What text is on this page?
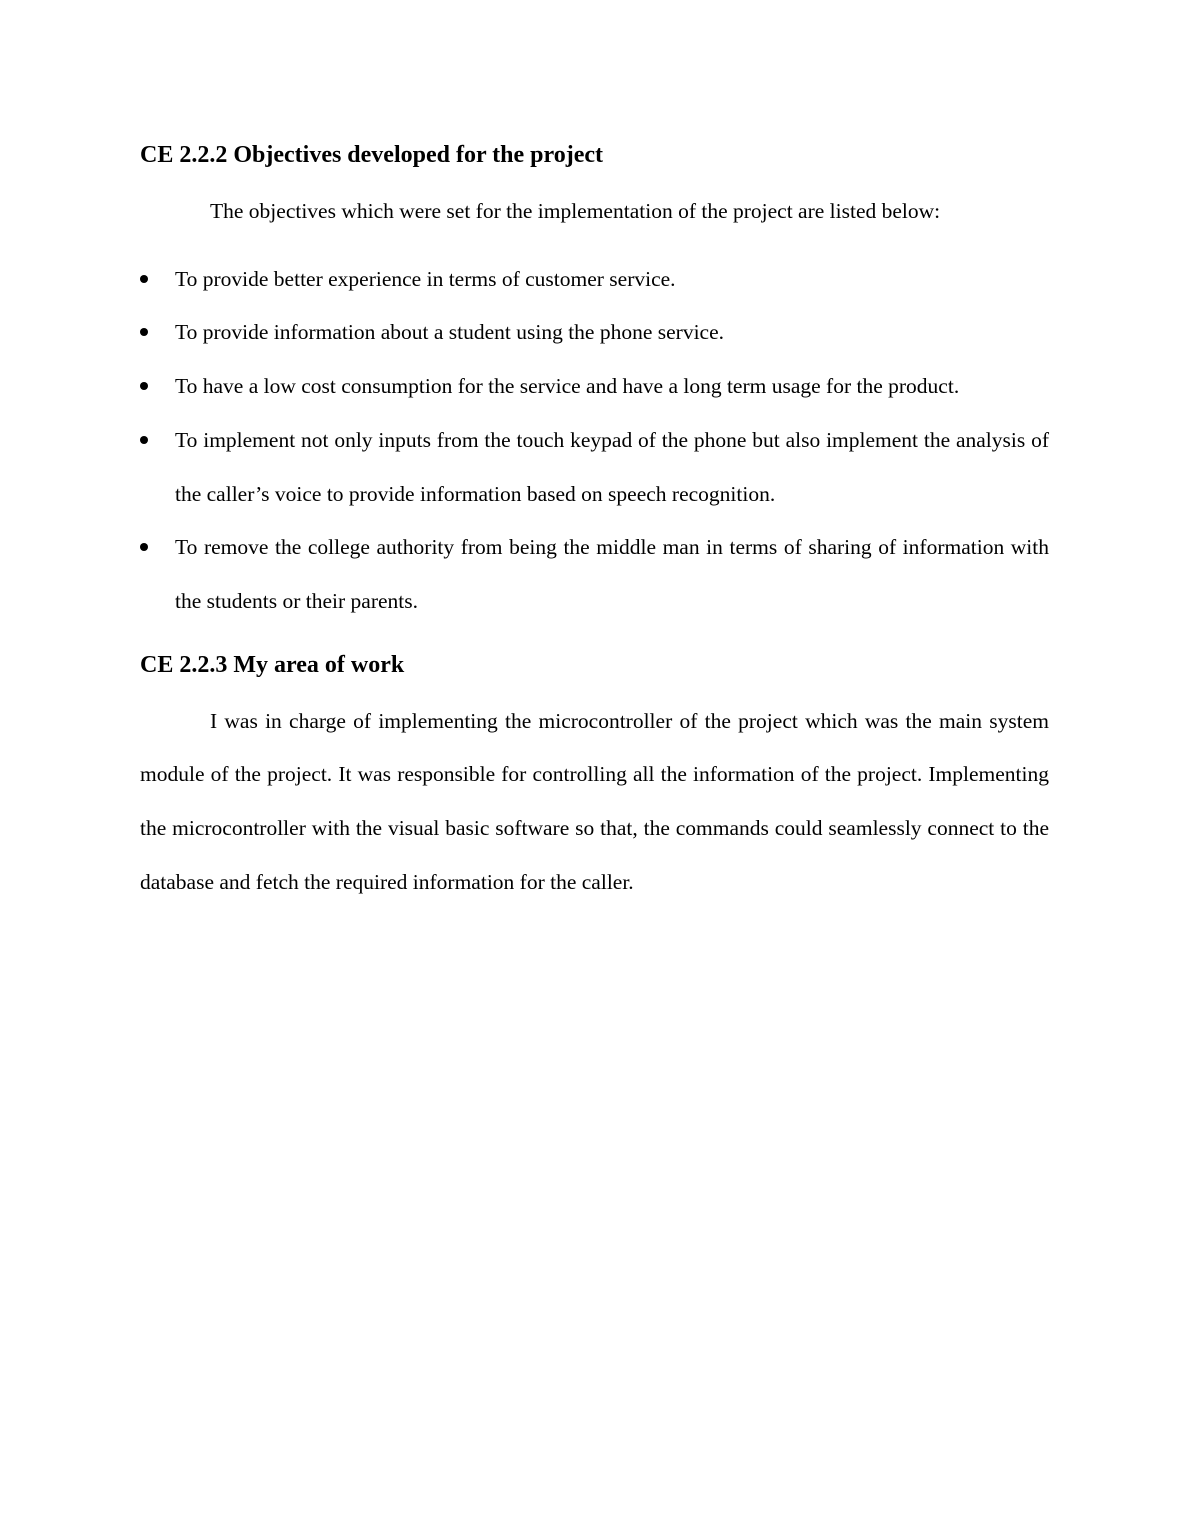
CE 2.2.2 Objectives developed for the project

The objectives which were set for the implementation of the project are listed below:

To provide better experience in terms of customer service.
To provide information about a student using the phone service.
To have a low cost consumption for the service and have a long term usage for the product.
To implement not only inputs from the touch keypad of the phone but also implement the analysis of the caller’s voice to provide information based on speech recognition.
To remove the college authority from being the middle man in terms of sharing of information with the students or their parents.
CE 2.2.3 My area of work

I was in charge of implementing the microcontroller of the project which was the main system module of the project. It was responsible for controlling all the information of the project. Implementing the microcontroller with the visual basic software so that, the commands could seamlessly connect to the database and fetch the required information for the caller.
